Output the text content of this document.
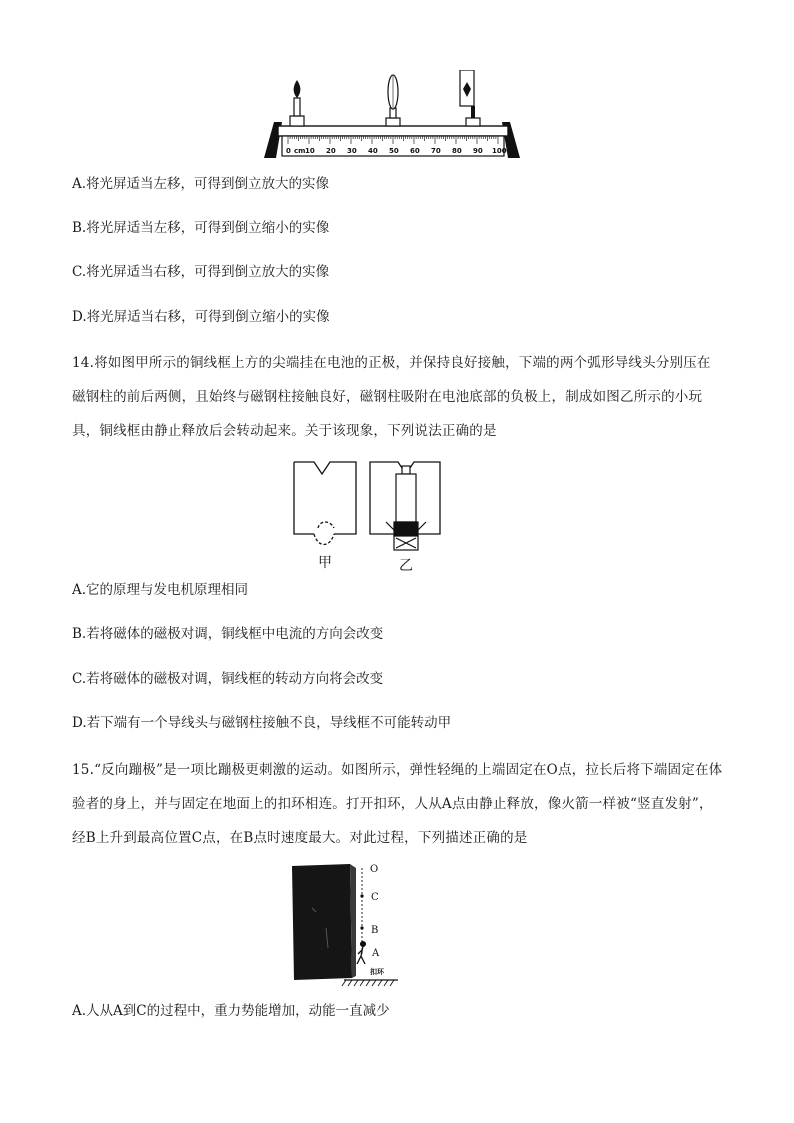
0 10 20 30 40 50 60 70 80 90 100
cm
A.将光屏适当左移，可得到倒立放大的实像
B.将光屏适当左移，可得到倒立缩小的实像
C.将光屏适当右移，可得到倒立放大的实像
D.将光屏适当右移，可得到倒立缩小的实像
14.将如图甲所示的铜线框上方的尖端挂在电池的正极，并保持良好接触，下端的两个弧形导线头分别压在磁钢柱的前后两侧，且始终与磁钢柱接触良好，磁钢柱吸附在电池底部的负极上，制成如图乙所示的小玩具，铜线框由静止释放后会转动起来。关于该现象，下列说法正确的是
甲	乙
A.它的原理与发电机原理相同
B.若将磁体的磁极对调，铜线框中电流的方向会改变
C.若将磁体的磁极对调，铜线框的转动方向将会改变
D.若下端有一个导线头与磁钢柱接触不良，导线框不可能转动甲
15.“反向蹦极”是一项比蹦极更刺激的运动。如图所示，弹性轻绳的上端固定在O点，拉长后将下端固定在体验者的身上，并与固定在地面上的扣环相连。打开扣环，人从A点由静止释放，像火箭一样被“竖直发射”，经B上升到最高位置C点，在B点时速度最大。对此过程，下列描述正确的是
O
C
B
A
扣环
A.人从A到C的过程中，重力势能增加，动能一直减少
